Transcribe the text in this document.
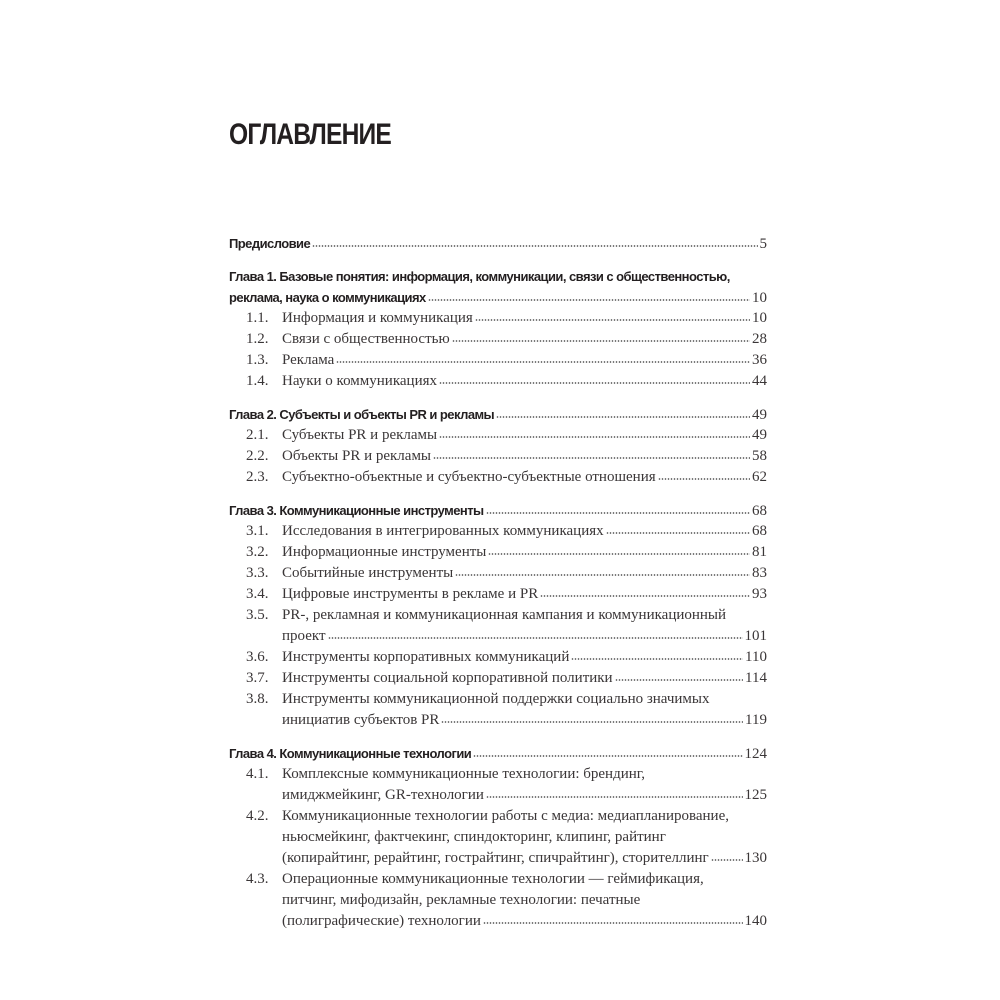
ОГЛАВЛЕНИЕ
Предисловие	5
Глава 1. Базовые понятия: информация, коммуникации, связи с общественностью,
реклама, наука о коммуникациях	10
1.1. Информация и коммуникация	10
1.2. Связи с общественностью	28
1.3. Реклама	36
1.4. Науки о коммуникациях	44
Глава 2. Субъекты и объекты PR и рекламы	49
2.1. Субъекты PR и рекламы	49
2.2. Объекты PR и рекламы	58
2.3. Субъектно-объектные и субъектно-субъектные отношения	62
Глава 3. Коммуникационные инструменты	68
3.1. Исследования в интегрированных коммуникациях	68
3.2. Информационные инструменты	81
3.3. Событийные инструменты	83
3.4. Цифровые инструменты в рекламе и PR	93
3.5. PR-, рекламная и коммуникационная кампания и коммуникационный
проект	101
3.6. Инструменты корпоративных коммуникаций	110
3.7. Инструменты социальной корпоративной политики	114
3.8. Инструменты коммуникационной поддержки социально значимых
инициатив субъектов PR	119
Глава 4. Коммуникационные технологии	124
4.1. Комплексные коммуникационные технологии: брендинг,
имиджмейкинг, GR-технологии	125
4.2. Коммуникационные технологии работы с медиа: медиапланирование,
ньюсмейкинг, фактчекинг, спиндокторинг, клипинг, райтинг
(копирайтинг, рерайтинг, гострайтинг, спичрайтинг), сторителлинг 130
4.3. Операционные коммуникационные технологии — геймификация,
питчинг, мифодизайн, рекламные технологии: печатные
(полиграфические) технологии	140
